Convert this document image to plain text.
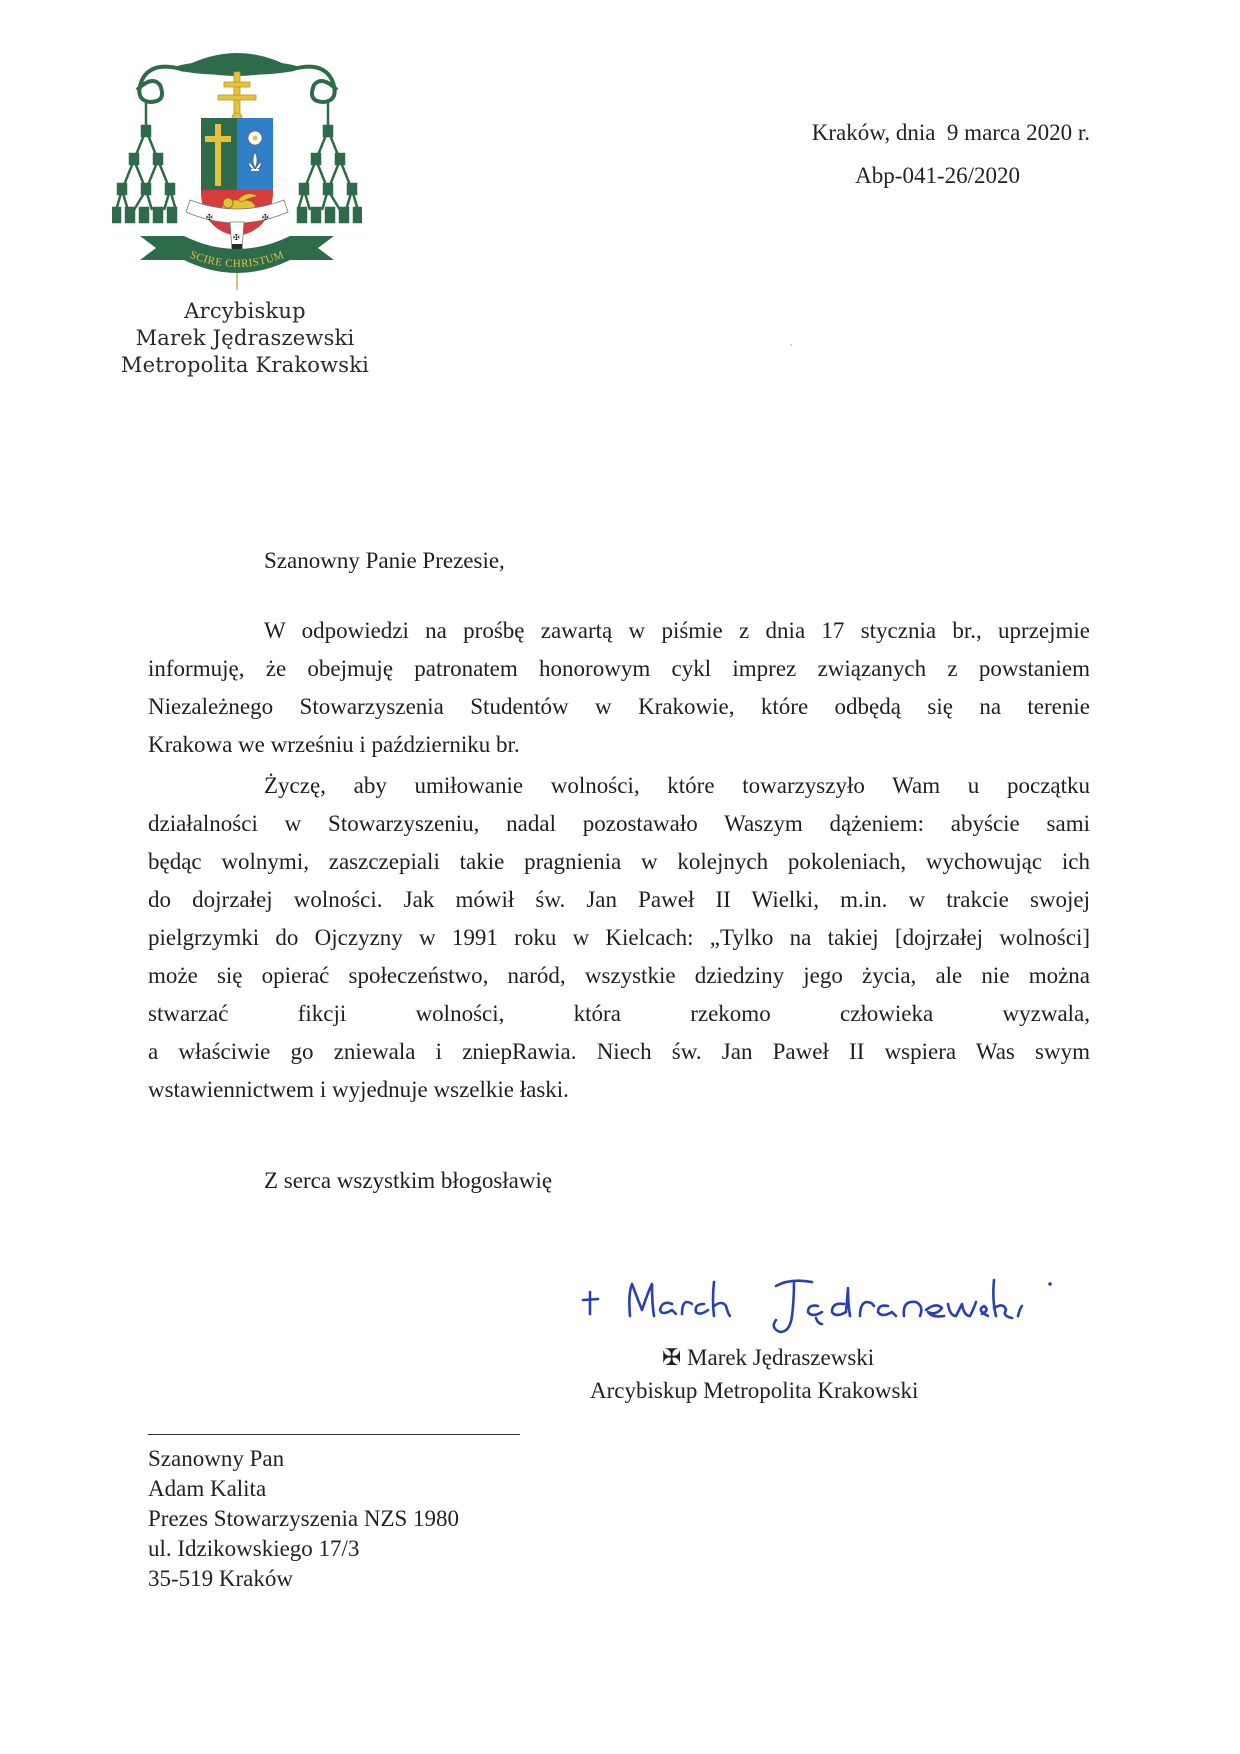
✠	✠
✠
SCIRE CHRISTUM
Arcybiskup
Marek Jędraszewski
Metropolita Krakowski
Kraków, dnia  9 marca 2020 r.
Abp-041-26/2020
Szanowny Panie Prezesie,
W odpowiedzi na prośbę zawartą w piśmie z dnia 17 stycznia br., uprzejmie
informuję, że obejmuję patronatem honorowym cykl imprez związanych z powstaniem
Niezależnego Stowarzyszenia Studentów w Krakowie, które odbędą się na terenie
Krakowa we wrześniu i październiku br.
Życzę, aby umiłowanie wolności, które towarzyszyło Wam u początku
działalności w Stowarzyszeniu, nadal pozostawało Waszym dążeniem: abyście sami
będąc wolnymi, zaszczepiali takie pragnienia w kolejnych pokoleniach, wychowując ich
do dojrzałej wolności. Jak mówił św. Jan Paweł II Wielki, m.in. w trakcie swojej
pielgrzymki do Ojczyzny w 1991 roku w Kielcach: „Tylko na takiej [dojrzałej wolności]
może się opierać społeczeństwo, naród, wszystkie dziedziny jego życia, ale nie można
stwarzać fikcji wolności, która rzekomo człowieka wyzwala,
a właściwie go zniewala i zniepRawia. Niech św. Jan Paweł II wspiera Was swym
wstawiennictwem i wyjednuje wszelkie łaski.
Z serca wszystkim błogosławię
✠ Marek Jędraszewski
Arcybiskup Metropolita Krakowski
Szanowny Pan
Adam Kalita
Prezes Stowarzyszenia NZS 1980
ul. Idzikowskiego 17/3
35-519 Kraków
